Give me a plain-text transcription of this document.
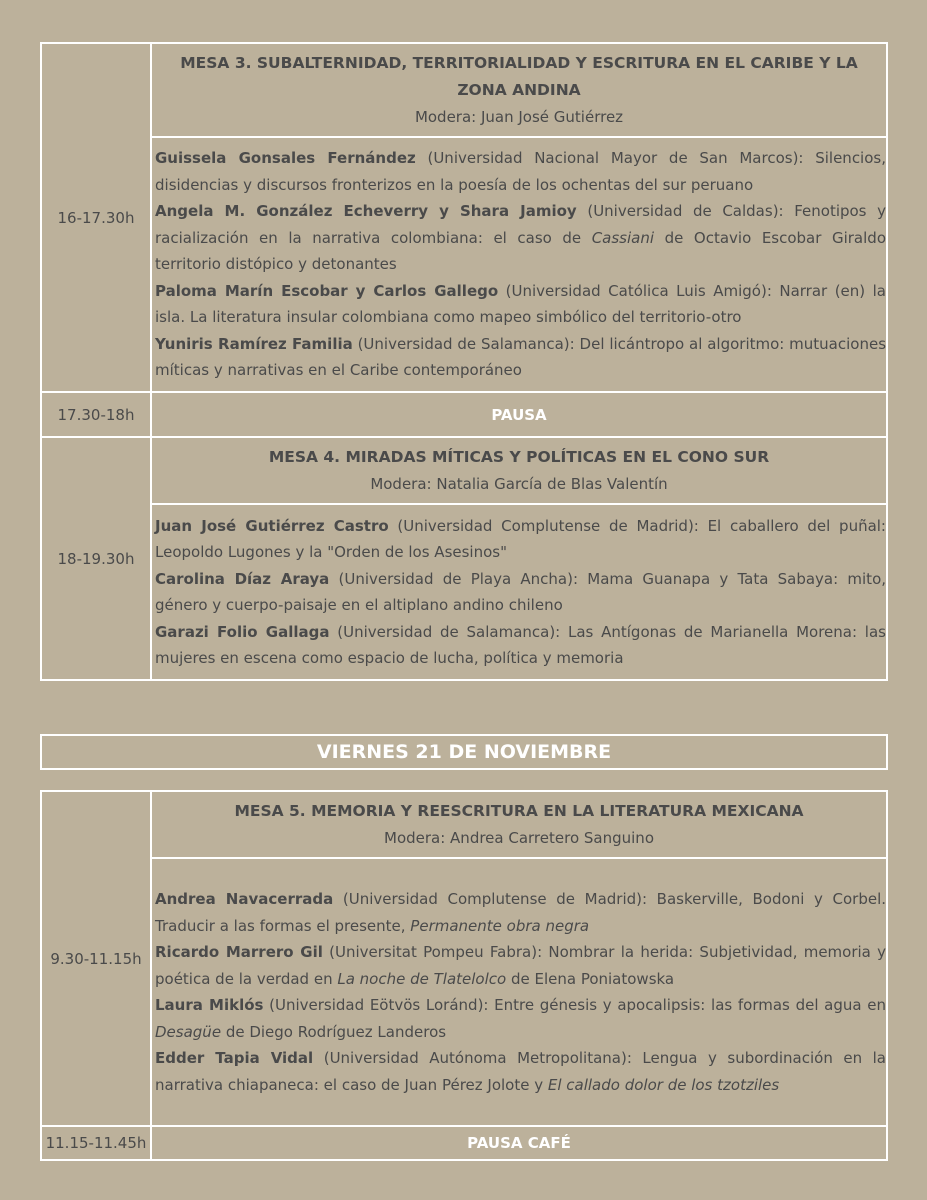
16-17.30h	MESA 3. SUBALTERNIDAD, TERRITORIALIDAD Y ESCRITURA EN EL CARIBE Y LA ZONA ANDINA
Modera: Juan José Gutiérrez

	Guissela Gonsales Fernández (Universidad Nacional Mayor de San Marcos): Silencios, disidencias y discursos fronterizos en la poesía de los ochentas del sur peruano

Angela M. González Echeverry y Shara Jamioy (Universidad de Caldas): Fenotipos y racialización en la narrativa colombiana: el caso de Cassiani de Octavio Escobar Giraldo territorio distópico y detonantes

Paloma Marín Escobar y Carlos Gallego (Universidad Católica Luis Amigó): Narrar (en) la isla. La literatura insular colombiana como mapeo simbólico del territorio-otro

Yuniris Ramírez Familia (Universidad de Salamanca): Del licántropo al algoritmo: mutuaciones míticas y narrativas en el Caribe contemporáneo

17.30-18h	PAUSA
18-19.30h	MESA 4. MIRADAS MÍTICAS Y POLÍTICAS EN EL CONO SUR
Modera: Natalia García de Blas Valentín

	Juan José Gutiérrez Castro (Universidad Complutense de Madrid): El caballero del puñal: Leopoldo Lugones y la "Orden de los Asesinos"

Carolina Díaz Araya (Universidad de Playa Ancha): Mama Guanapa y Tata Sabaya: mito, género y cuerpo-paisaje en el altiplano andino chileno

Garazi Folio Gallaga (Universidad de Salamanca): Las Antígonas de Marianella Morena: las mujeres en escena como espacio de lucha, política y memoria

VIERNES 21 DE NOVIEMBRE
9.30-11.15h	MESA 5. MEMORIA Y REESCRITURA EN LA LITERATURA MEXICANA
Modera: Andrea Carretero Sanguino

	Andrea Navacerrada (Universidad Complutense de Madrid): Baskerville, Bodoni y Corbel. Traducir a las formas el presente, Permanente obra negra

Ricardo Marrero Gil (Universitat Pompeu Fabra): Nombrar la herida: Subjetividad, memoria y poética de la verdad en La noche de Tlatelolco de Elena Poniatowska

Laura Miklós (Universidad Eötvös Loránd): Entre génesis y apocalipsis: las formas del agua en Desagüe de Diego Rodríguez Landeros

Edder Tapia Vidal (Universidad Autónoma Metropolitana): Lengua y subordinación en la narrativa chiapaneca: el caso de Juan Pérez Jolote y El callado dolor de los tzotziles

11.15-11.45h	PAUSA CAFÉ
